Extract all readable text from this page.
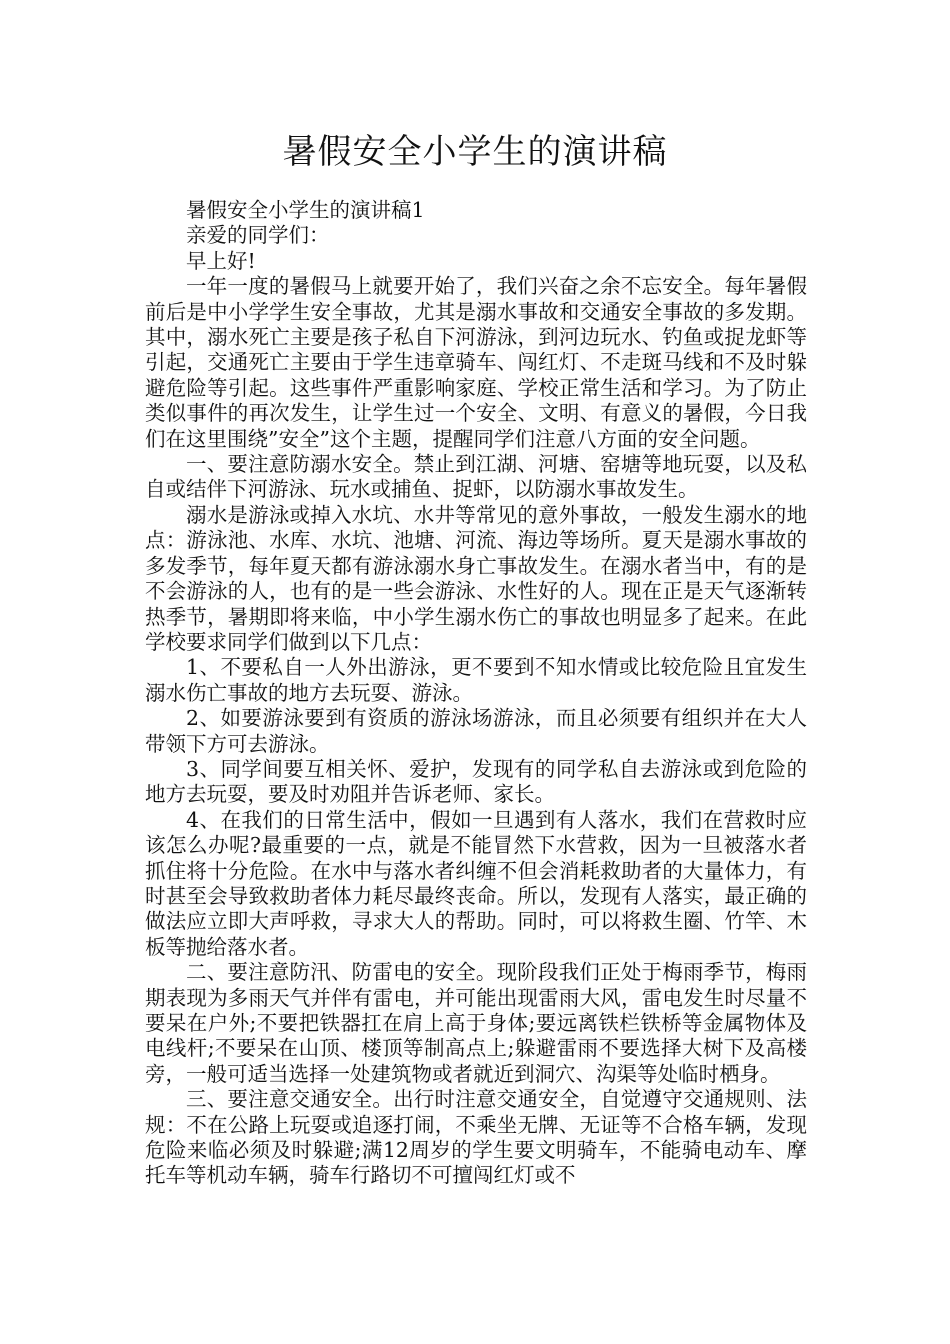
暑假安全小学生的演讲稿

暑假安全小学生的演讲稿1

亲爱的同学们：

早上好!

一年一度的暑假马上就要开始了，我们兴奋之余不忘安全。每年暑假前后是中小学学生安全事故，尤其是溺水事故和交通安全事故的多发期。其中，溺水死亡主要是孩子私自下河游泳，到河边玩水、钓鱼或捉龙虾等引起，交通死亡主要由于学生违章骑车、闯红灯、不走斑马线和不及时躲避危险等引起。这些事件严重影响家庭、学校正常生活和学习。为了防止类似事件的再次发生，让学生过一个安全、文明、有意义的暑假，今日我们在这里围绕”安全”这个主题，提醒同学们注意八方面的安全问题。

一、要注意防溺水安全。禁止到江湖、河塘、窑塘等地玩耍，以及私自或结伴下河游泳、玩水或捕鱼、捉虾，以防溺水事故发生。

溺水是游泳或掉入水坑、水井等常见的意外事故，一般发生溺水的地点：游泳池、水库、水坑、池塘、河流、海边等场所。夏天是溺水事故的多发季节，每年夏天都有游泳溺水身亡事故发生。在溺水者当中，有的是不会游泳的人，也有的是一些会游泳、水性好的人。现在正是天气逐渐转热季节，暑期即将来临，中小学生溺水伤亡的事故也明显多了起来。在此学校要求同学们做到以下几点：

1、不要私自一人外出游泳，更不要到不知水情或比较危险且宜发生溺水伤亡事故的地方去玩耍、游泳。

2、如要游泳要到有资质的游泳场游泳，而且必须要有组织并在大人带领下方可去游泳。

3、同学间要互相关怀、爱护，发现有的同学私自去游泳或到危险的地方去玩耍，要及时劝阻并告诉老师、家长。

4、在我们的日常生活中，假如一旦遇到有人落水，我们在营救时应该怎么办呢?最重要的一点，就是不能冒然下水营救，因为一旦被落水者抓住将十分危险。在水中与落水者纠缠不但会消耗救助者的大量体力，有时甚至会导致救助者体力耗尽最终丧命。所以，发现有人落实，最正确的做法应立即大声呼救，寻求大人的帮助。同时，可以将救生圈、竹竿、木板等抛给落水者。

二、要注意防汛、防雷电的安全。现阶段我们正处于梅雨季节，梅雨期表现为多雨天气并伴有雷电，并可能出现雷雨大风，雷电发生时尽量不要呆在户外;不要把铁器扛在肩上高于身体;要远离铁栏铁桥等金属物体及电线杆;不要呆在山顶、楼顶等制高点上;躲避雷雨不要选择大树下及高楼旁，一般可适当选择一处建筑物或者就近到洞穴、沟渠等处临时栖身。

三、要注意交通安全。出行时注意交通安全，自觉遵守交通规则、法规：不在公路上玩耍或追逐打闹，不乘坐无牌、无证等不合格车辆，发现危险来临必须及时躲避;满12周岁的学生要文明骑车，不能骑电动车、摩托车等机动车辆，骑车行路切不可擅闯红灯或不
